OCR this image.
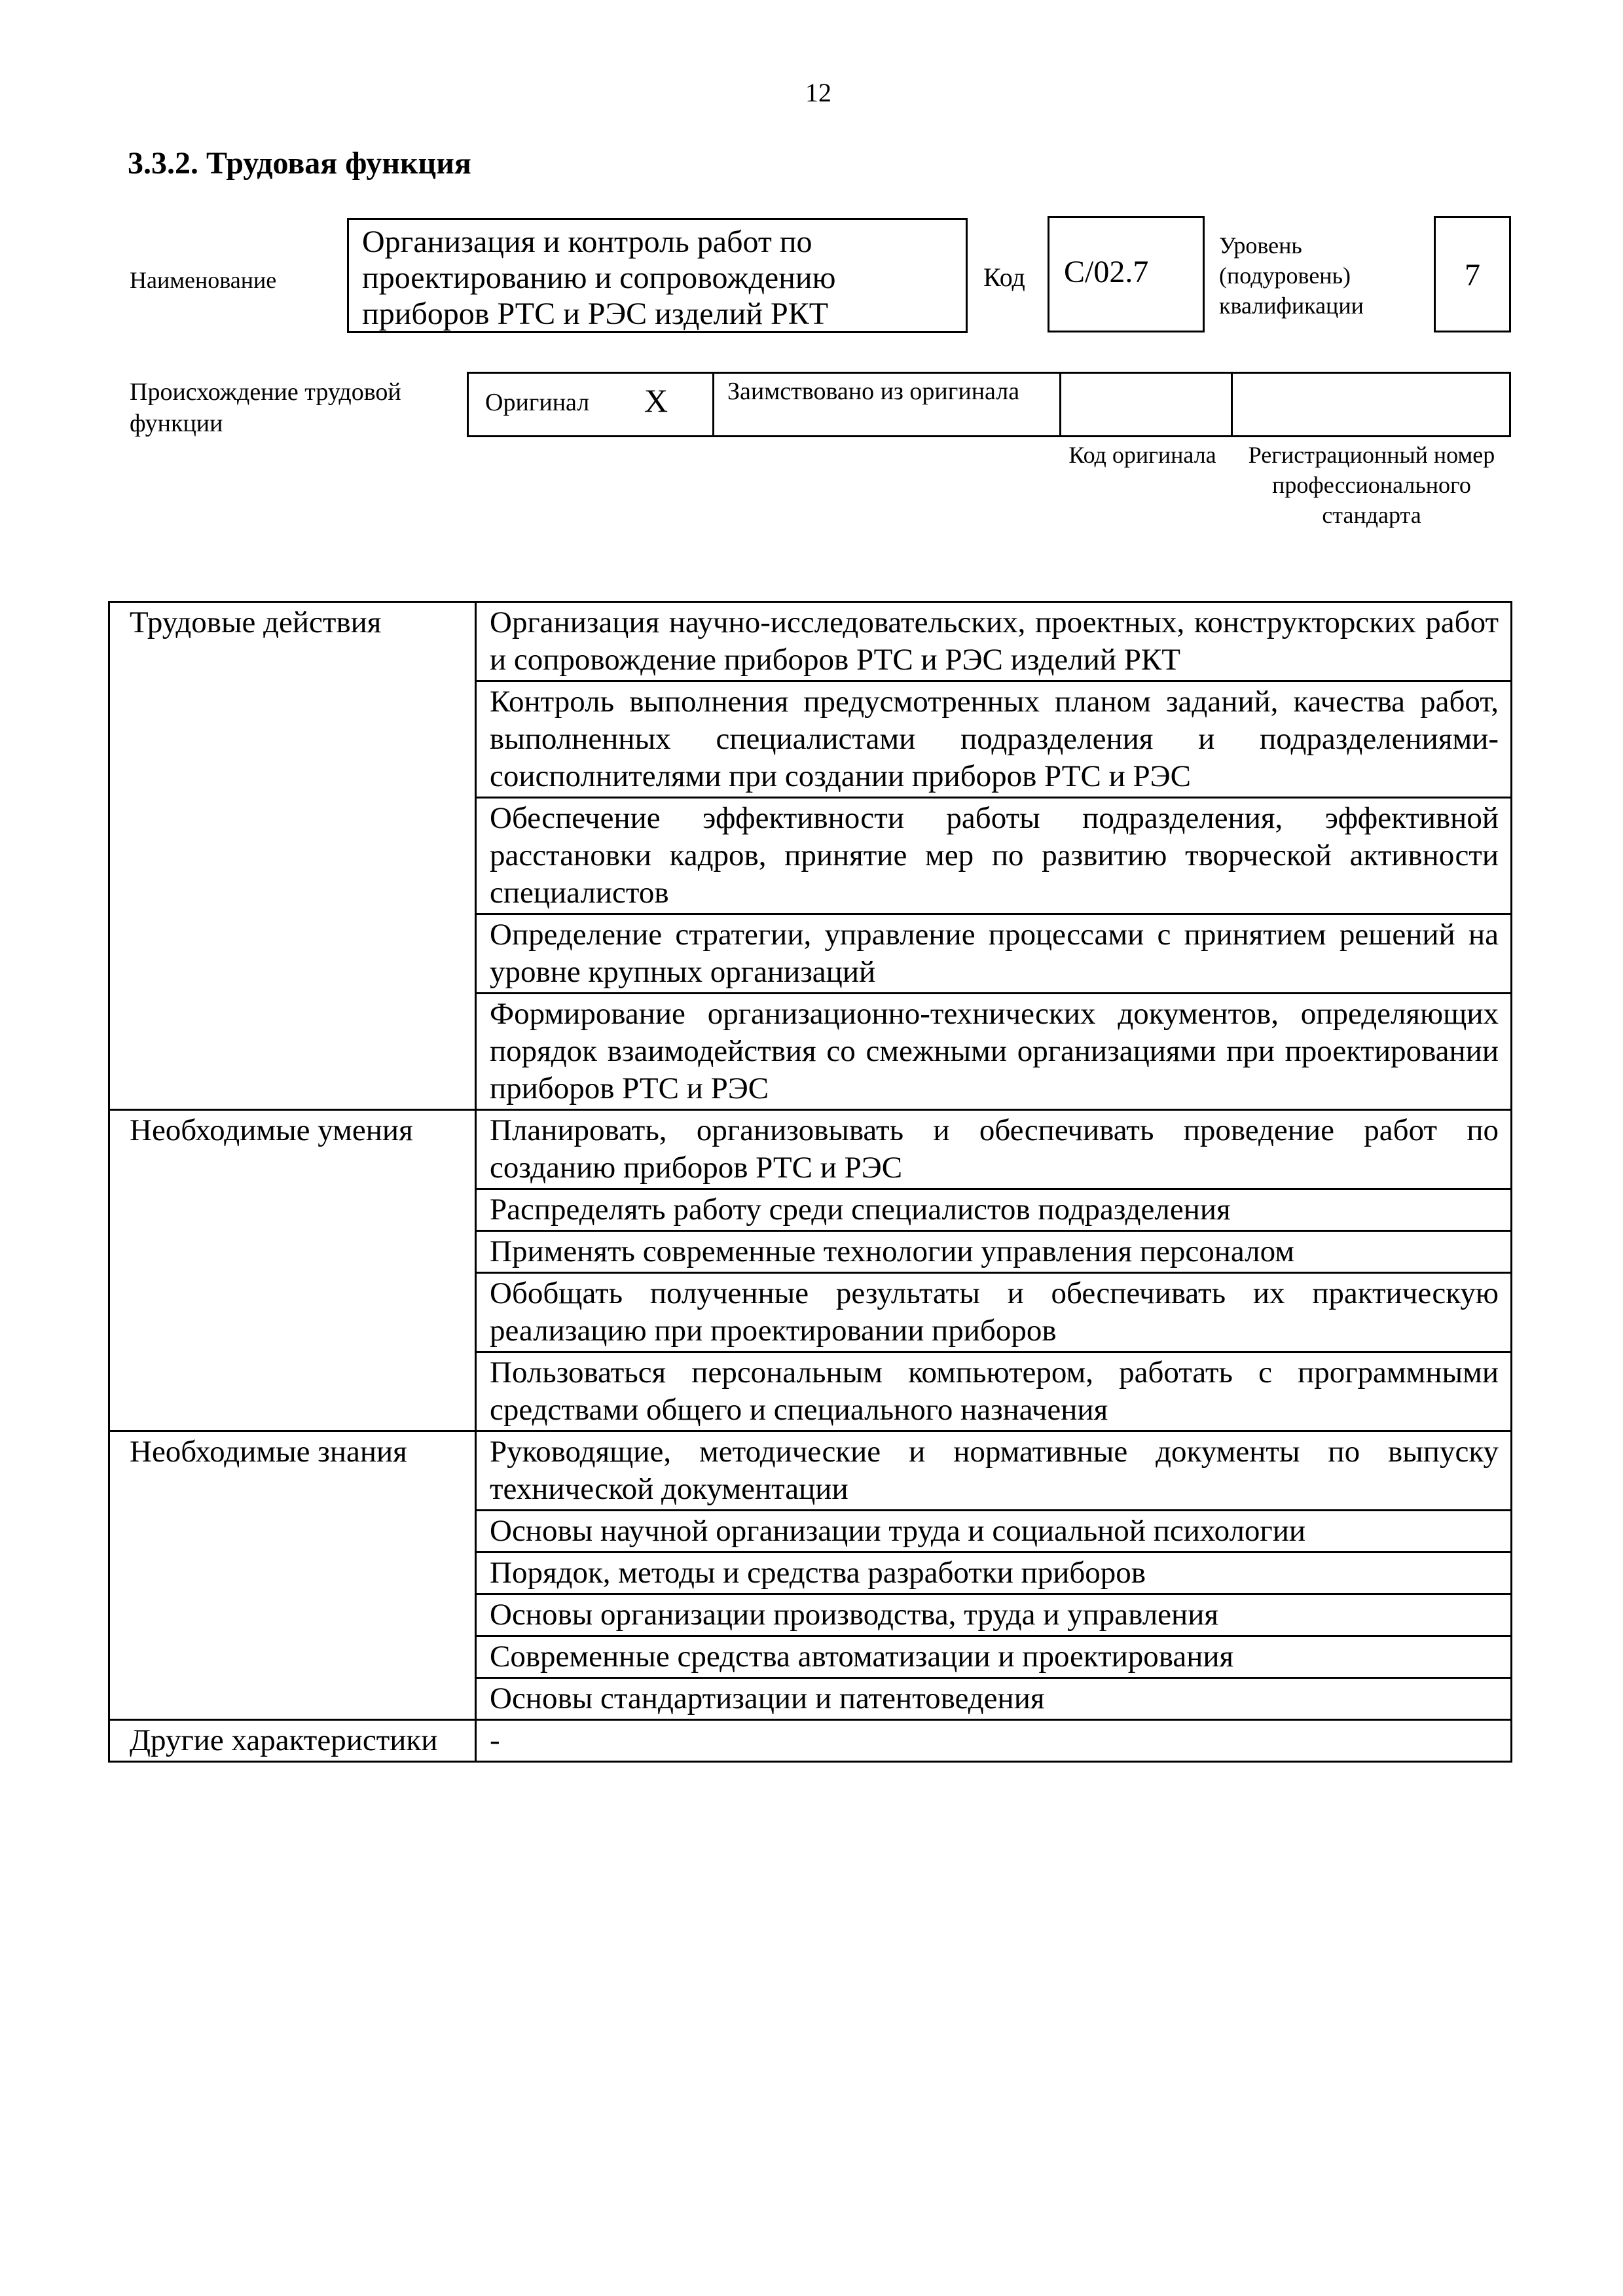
12
3.3.2. Трудовая функция
Наименование
Организация и контроль работ по проектированию и сопровождению приборов РТС и РЭС изделий РКТ
Код	С/02.7
Уровень (подуровень) квалификации
7
Происхождение трудовой функции
Оригинал X Заимствовано из оригинала
Код оригинала	Регистрационный номер профессионального стандарта
Трудовые действия	Организация научно-исследовательских, проектных, конструкторских работ и сопровождение приборов РТС и РЭС изделий РКТ
	Контроль выполнения предусмотренных планом заданий, качества работ, выполненных специалистами подразделения и подразделениями-соисполнителями при создании приборов РТС и РЭС
	Обеспечение эффективности работы подразделения, эффективной расстановки кадров, принятие мер по развитию творческой активности специалистов
	Определение стратегии, управление процессами с принятием решений на уровне крупных организаций
	Формирование организационно-технических документов, определяющих порядок взаимодействия со смежными организациями при проектировании приборов РТС и РЭС
Необходимые умения	Планировать, организовывать и обеспечивать проведение работ по созданию приборов РТС и РЭС
	Распределять работу среди специалистов подразделения
	Применять современные технологии управления персоналом
	Обобщать полученные результаты и обеспечивать их практическую реализацию при проектировании приборов
	Пользоваться персональным компьютером, работать с программными средствами общего и специального назначения
Необходимые знания	Руководящие, методические и нормативные документы по выпуску технической документации
	Основы научной организации труда и социальной психологии
	Порядок, методы и средства разработки приборов
	Основы организации производства, труда и управления
	Современные средства автоматизации и проектирования
	Основы стандартизации и патентоведения
Другие характеристики	-
